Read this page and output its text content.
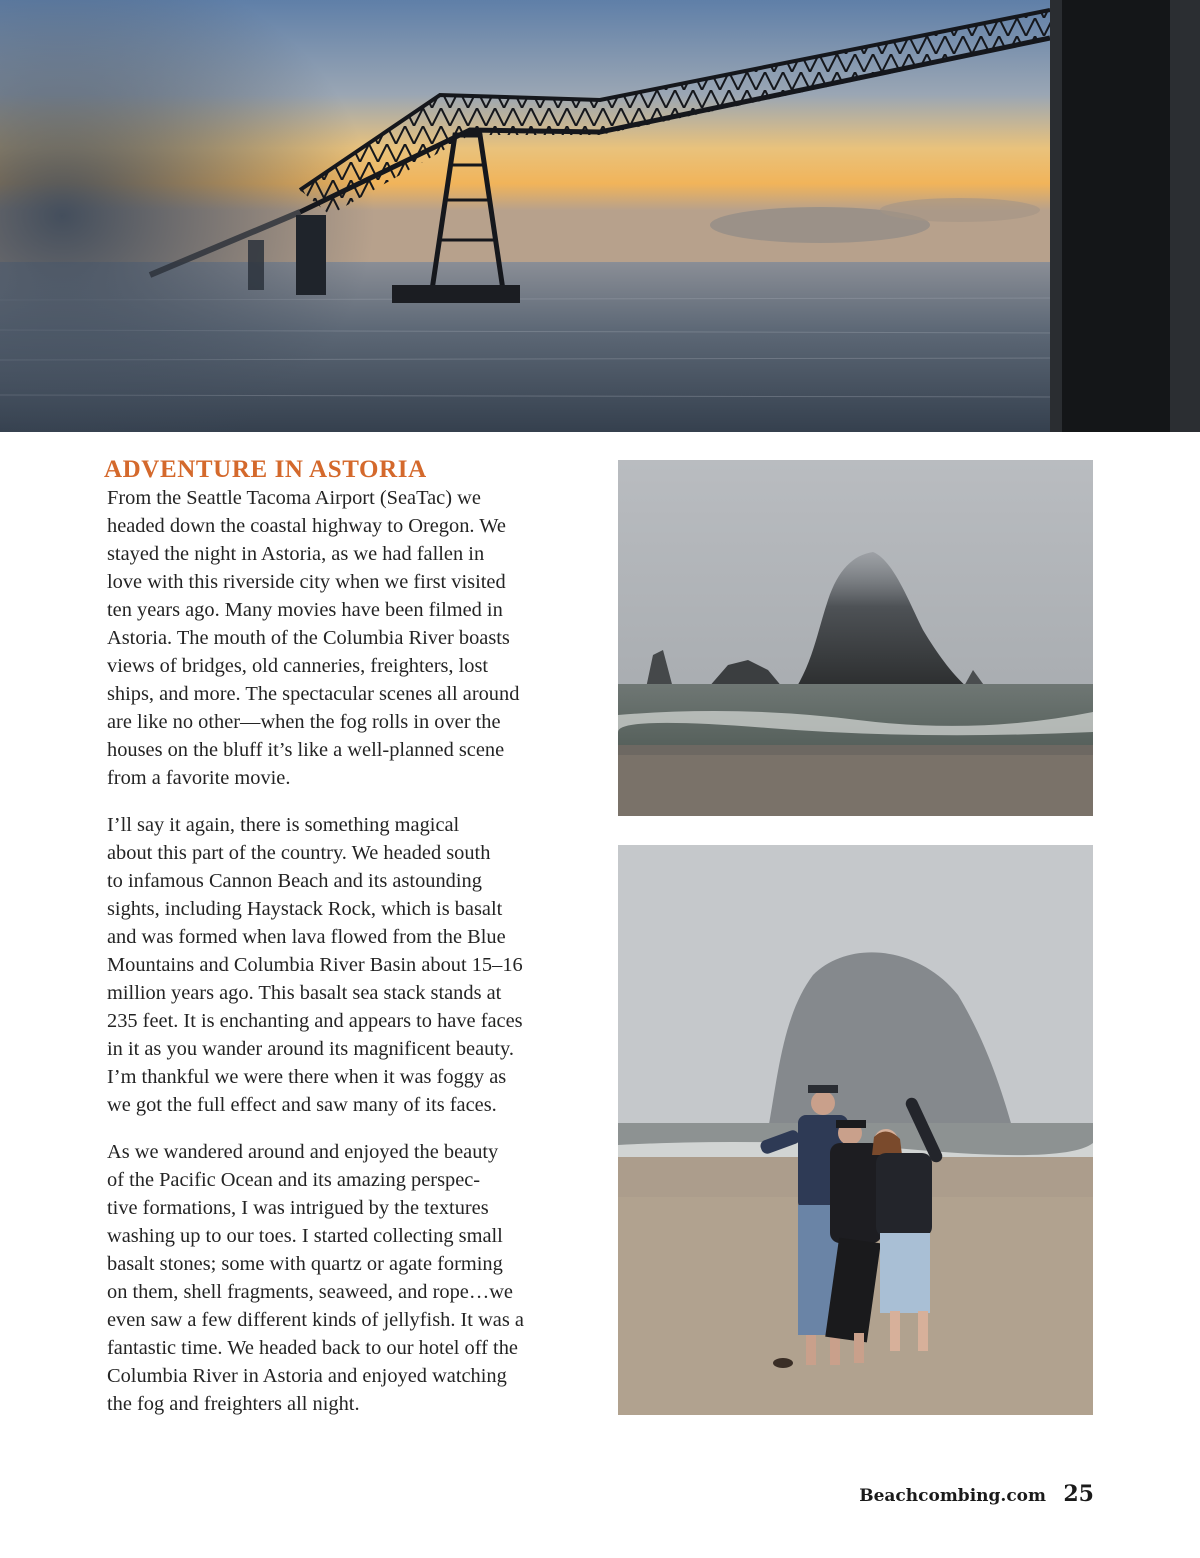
ADVENTURE IN ASTORIA

From the Seattle Tacoma Airport (SeaTac) we
headed down the coastal highway to Oregon. We
stayed the night in Astoria, as we had fallen in
love with this riverside city when we first visited
ten years ago. Many movies have been filmed in
Astoria. The mouth of the Columbia River boasts
views of bridges, old canneries, freighters, lost
ships, and more. The spectacular scenes all around
are like no other—when the fog rolls in over the
houses on the bluff it’s like a well-planned scene
from a favorite movie.

I’ll say it again, there is something magical
about this part of the country. We headed south
to infamous Cannon Beach and its astounding
sights, including Haystack Rock, which is basalt
and was formed when lava flowed from the Blue
Mountains and Columbia River Basin about 15–16
million years ago. This basalt sea stack stands at
235 feet. It is enchanting and appears to have faces
in it as you wander around its magnificent beauty.
I’m thankful we were there when it was foggy as
we got the full effect and saw many of its faces.

As we wandered around and enjoyed the beauty
of the Pacific Ocean and its amazing perspec-
tive formations, I was intrigued by the textures
washing up to our toes. I started collecting small
basalt stones; some with quartz or agate forming
on them, shell fragments, seaweed, and rope…we
even saw a few different kinds of jellyfish. It was a
fantastic time. We headed back to our hotel off the
Columbia River in Astoria and enjoyed watching
the fog and freighters all night.

Beachcombing.com 25
